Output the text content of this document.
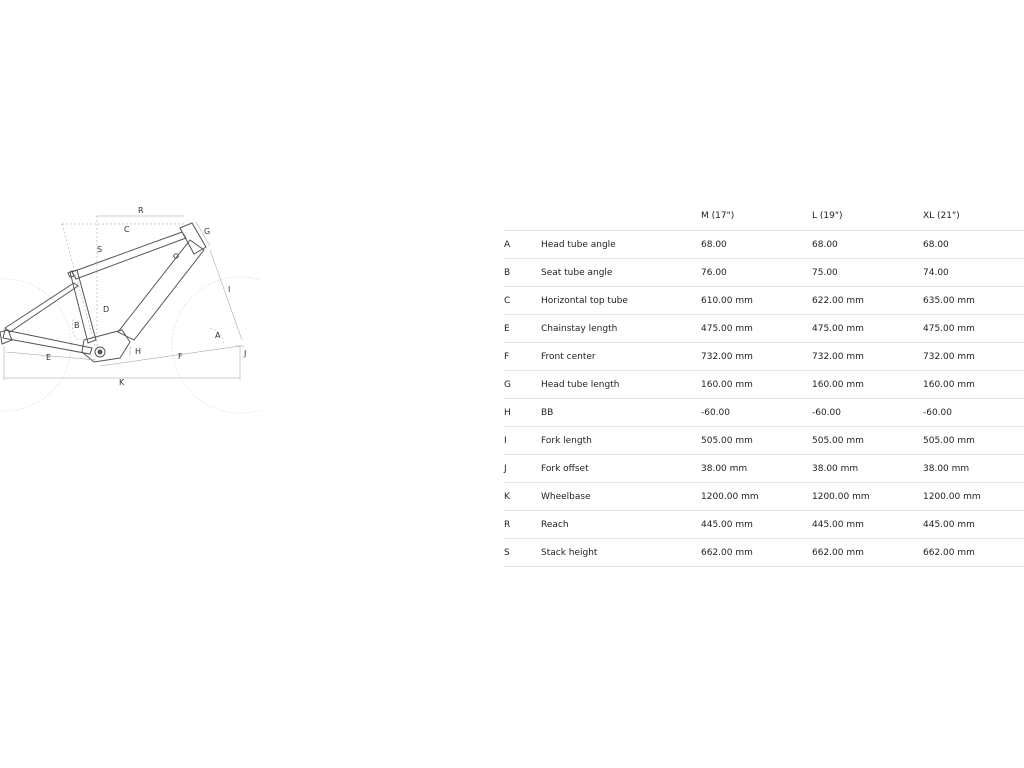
R
C
S
G
I
D
B
A
H	J
E	F
K
		M (17")	L (19")	XL (21")
A	Head tube angle	68.00	68.00	68.00
B	Seat tube angle	76.00	75.00	74.00
C	Horizontal top tube	610.00 mm	622.00 mm	635.00 mm
E	Chainstay length	475.00 mm	475.00 mm	475.00 mm
F	Front center	732.00 mm	732.00 mm	732.00 mm
G	Head tube length	160.00 mm	160.00 mm	160.00 mm
H	BB	-60.00	-60.00	-60.00
I	Fork length	505.00 mm	505.00 mm	505.00 mm
J	Fork offset	38.00 mm	38.00 mm	38.00 mm
K	Wheelbase	1200.00 mm	1200.00 mm	1200.00 mm
R	Reach	445.00 mm	445.00 mm	445.00 mm
S	Stack height	662.00 mm	662.00 mm	662.00 mm
